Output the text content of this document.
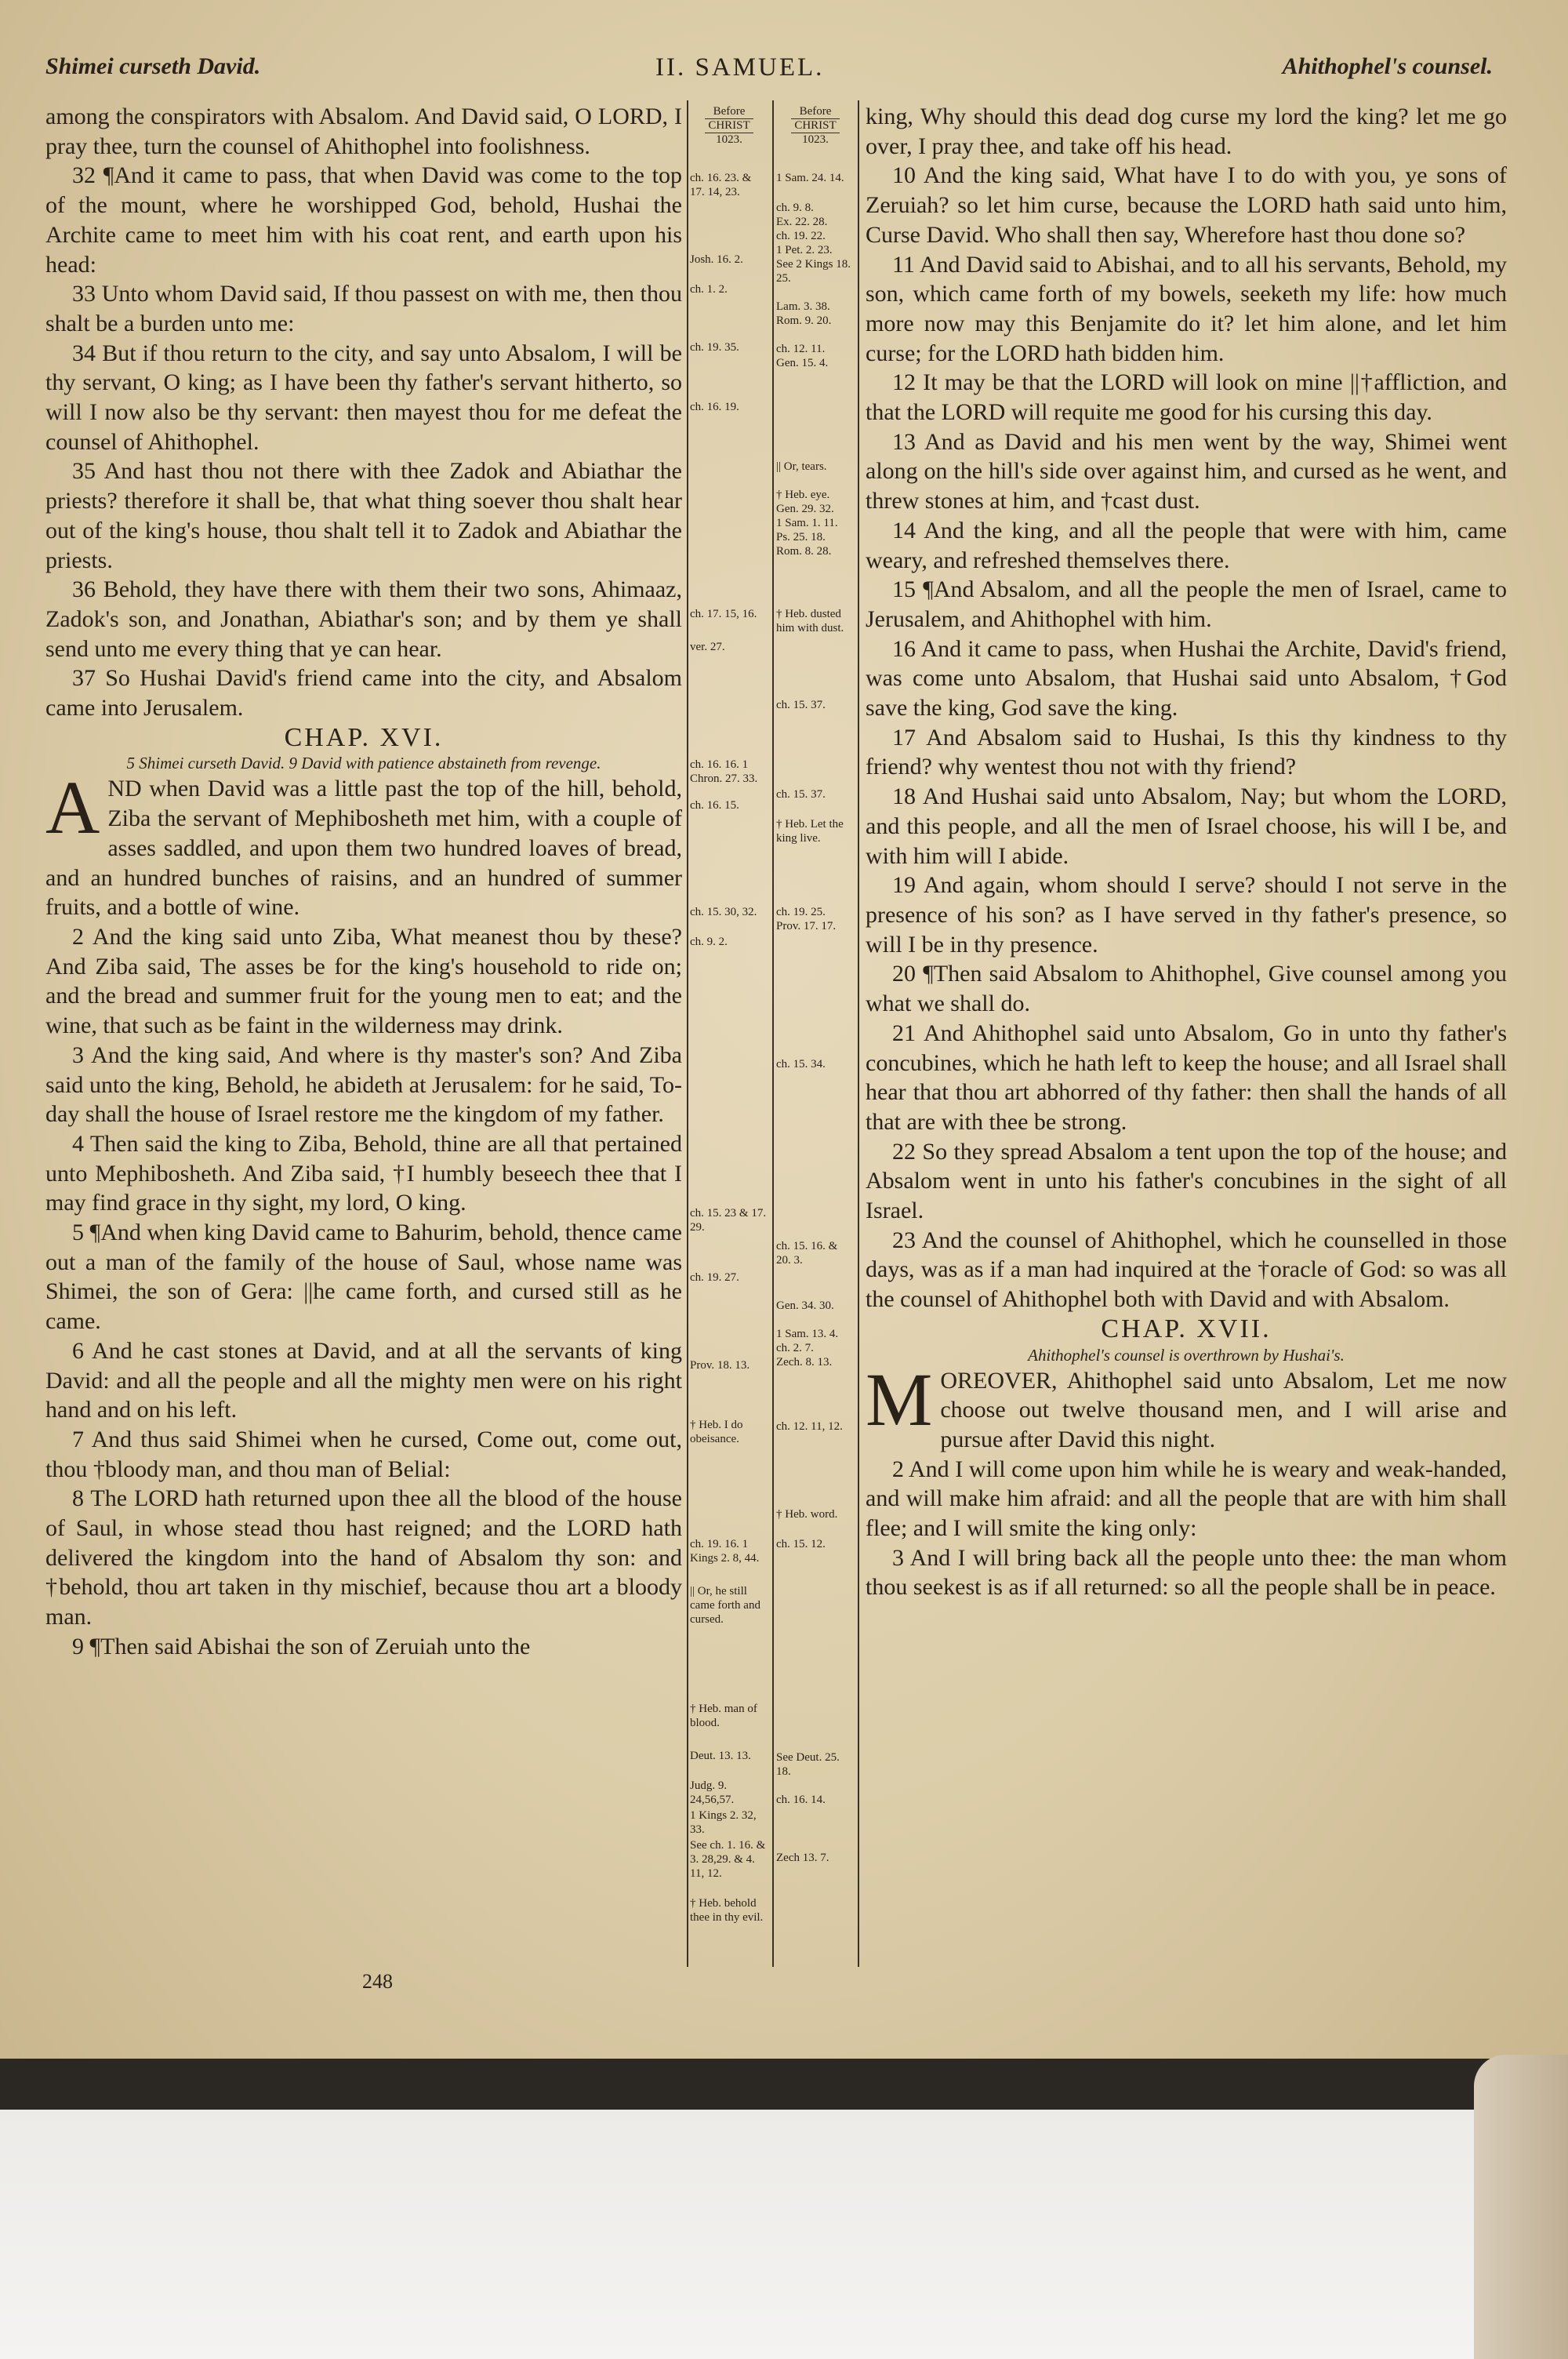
Shimei curseth David.	II. SAMUEL.	Ahithophel's counsel.

among the conspirators with Absalom. And David said, O LORD, I pray thee, turn the counsel of Ahithophel into foolishness.

32 ¶And it came to pass, that when David was come to the top of the mount, where he worshipped God, behold, Hushai the Archite came to meet him with his coat rent, and earth upon his head:

33 Unto whom David said, If thou passest on with me, then thou shalt be a burden unto me:

34 But if thou return to the city, and say unto Absalom, I will be thy servant, O king; as I have been thy father's servant hitherto, so will I now also be thy servant: then mayest thou for me defeat the counsel of Ahithophel.

35 And hast thou not there with thee Zadok and Abiathar the priests? therefore it shall be, that what thing soever thou shalt hear out of the king's house, thou shalt tell it to Zadok and Abiathar the priests.

36 Behold, they have there with them their two sons, Ahimaaz, Zadok's son, and Jonathan, Abiathar's son; and by them ye shall send unto me every thing that ye can hear.

37 So Hushai David's friend came into the city, and Absalom came into Jerusalem.

CHAP. XVI.

5 Shimei curseth David. 9 David with patience abstaineth from revenge.

AND when David was a little past the top of the hill, behold, Ziba the servant of Mephibosheth met him, with a couple of asses saddled, and upon them two hundred loaves of bread, and an hundred bunches of raisins, and an hundred of summer fruits, and a bottle of wine.

2 And the king said unto Ziba, What meanest thou by these? And Ziba said, The asses be for the king's household to ride on; and the bread and summer fruit for the young men to eat; and the wine, that such as be faint in the wilderness may drink.

3 And the king said, And where is thy master's son? And Ziba said unto the king, Behold, he abideth at Jerusalem: for he said, To-day shall the house of Israel restore me the kingdom of my father.

4 Then said the king to Ziba, Behold, thine are all that pertained unto Mephibosheth. And Ziba said, †I humbly beseech thee that I may find grace in thy sight, my lord, O king.

5 ¶And when king David came to Bahurim, behold, thence came out a man of the family of the house of Saul, whose name was Shimei, the son of Gera: ||he came forth, and cursed still as he came.

6 And he cast stones at David, and at all the servants of king David: and all the people and all the mighty men were on his right hand and on his left.

7 And thus said Shimei when he cursed, Come out, come out, thou †bloody man, and thou man of Belial:

8 The LORD hath returned upon thee all the blood of the house of Saul, in whose stead thou hast reigned; and the LORD hath delivered the kingdom into the hand of Absalom thy son: and †behold, thou art taken in thy mischief, because thou art a bloody man.

9 ¶Then said Abishai the son of Zeruiah unto the

Before
CHRIST
1023.
ch. 16. 23. & 17. 14, 23.
Josh. 16. 2.
ch. 1. 2.
ch. 19. 35.
ch. 16. 19.
ch. 17. 15, 16.
ver. 27.
ch. 16. 16. 1 Chron. 27. 33.
ch. 16. 15.
ch. 15. 30, 32.
ch. 9. 2.
ch. 15. 23 & 17. 29.
ch. 19. 27.
Prov. 18. 13.
† Heb. I do obeisance.
ch. 19. 16. 1 Kings 2. 8, 44.
|| Or, he still came forth and cursed.
† Heb. man of blood.
Deut. 13. 13.
Judg. 9. 24,56,57.
1 Kings 2. 32, 33.
See ch. 1. 16. & 3. 28,29. & 4. 11, 12.
† Heb. behold thee in thy evil.
Before
CHRIST
1023.
1 Sam. 24. 14.
ch. 9. 8.
Ex. 22. 28.
ch. 19. 22.
1 Pet. 2. 23.
See 2 Kings 18. 25.
Lam. 3. 38.
Rom. 9. 20.
ch. 12. 11.
Gen. 15. 4.
|| Or, tears.
† Heb. eye.
Gen. 29. 32.
1 Sam. 1. 11.
Ps. 25. 18.
Rom. 8. 28.
† Heb. dusted him with dust.
ch. 15. 37.
ch. 15. 37.
† Heb. Let the king live.
ch. 19. 25.
Prov. 17. 17.
ch. 15. 34.
ch. 15. 16. & 20. 3.
Gen. 34. 30.
1 Sam. 13. 4.
ch. 2. 7.
Zech. 8. 13.
ch. 12. 11, 12.
† Heb. word.
ch. 15. 12.
See Deut. 25. 18.
ch. 16. 14.
Zech 13. 7.

king, Why should this dead dog curse my lord the king? let me go over, I pray thee, and take off his head.

10 And the king said, What have I to do with you, ye sons of Zeruiah? so let him curse, because the LORD hath said unto him, Curse David. Who shall then say, Wherefore hast thou done so?

11 And David said to Abishai, and to all his servants, Behold, my son, which came forth of my bowels, seeketh my life: how much more now may this Benjamite do it? let him alone, and let him curse; for the LORD hath bidden him.

12 It may be that the LORD will look on mine ||†affliction, and that the LORD will requite me good for his cursing this day.

13 And as David and his men went by the way, Shimei went along on the hill's side over against him, and cursed as he went, and threw stones at him, and †cast dust.

14 And the king, and all the people that were with him, came weary, and refreshed themselves there.

15 ¶And Absalom, and all the people the men of Israel, came to Jerusalem, and Ahithophel with him.

16 And it came to pass, when Hushai the Archite, David's friend, was come unto Absalom, that Hushai said unto Absalom, †God save the king, God save the king.

17 And Absalom said to Hushai, Is this thy kindness to thy friend? why wentest thou not with thy friend?

18 And Hushai said unto Absalom, Nay; but whom the LORD, and this people, and all the men of Israel choose, his will I be, and with him will I abide.

19 And again, whom should I serve? should I not serve in the presence of his son? as I have served in thy father's presence, so will I be in thy presence.

20 ¶Then said Absalom to Ahithophel, Give counsel among you what we shall do.

21 And Ahithophel said unto Absalom, Go in unto thy father's concubines, which he hath left to keep the house; and all Israel shall hear that thou art abhorred of thy father: then shall the hands of all that are with thee be strong.

22 So they spread Absalom a tent upon the top of the house; and Absalom went in unto his father's concubines in the sight of all Israel.

23 And the counsel of Ahithophel, which he counselled in those days, was as if a man had inquired at the †oracle of God: so was all the counsel of Ahithophel both with David and with Absalom.

CHAP. XVII.

Ahithophel's counsel is overthrown by Hushai's.

MOREOVER, Ahithophel said unto Absalom, Let me now choose out twelve thousand men, and I will arise and pursue after David this night.

2 And I will come upon him while he is weary and weak-handed, and will make him afraid: and all the people that are with him shall flee; and I will smite the king only:

3 And I will bring back all the people unto thee: the man whom thou seekest is as if all returned: so all the people shall be in peace.

248
